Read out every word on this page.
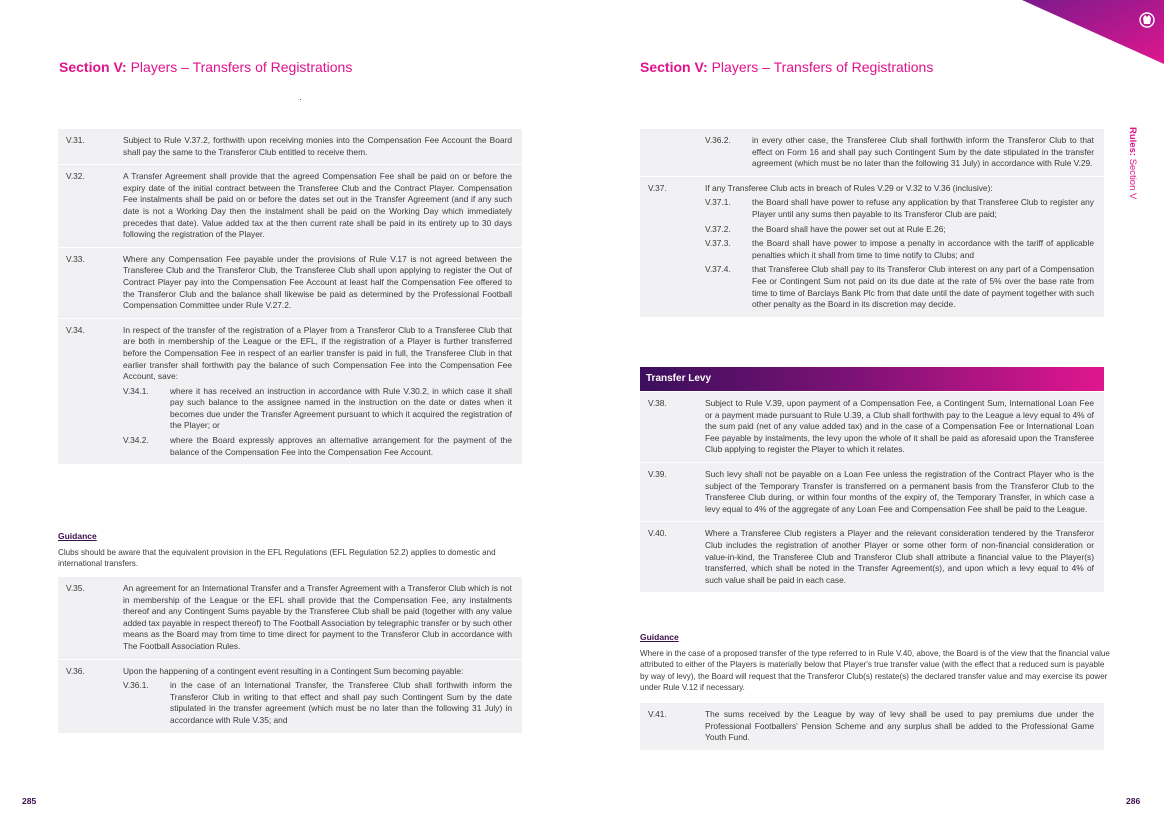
Section V: Players – Transfers of Registrations
V.31.	Subject to Rule V.37.2, forthwith upon receiving monies into the Compensation Fee Account the Board shall pay the same to the Transferor Club entitled to receive them.
V.32.	A Transfer Agreement shall provide that the agreed Compensation Fee shall be paid on or before the expiry date of the initial contract between the Transferee Club and the Contract Player. Compensation Fee instalments shall be paid on or before the dates set out in the Transfer Agreement (and if any such date is not a Working Day then the instalment shall be paid on the Working Day which immediately precedes that date). Value added tax at the then current rate shall be paid in its entirety up to 30 days following the registration of the Player.
V.33.	Where any Compensation Fee payable under the provisions of Rule V.17 is not agreed between the Transferee Club and the Transferor Club, the Transferee Club shall upon applying to register the Out of Contract Player pay into the Compensation Fee Account at least half the Compensation Fee offered to the Transferor Club and the balance shall likewise be paid as determined by the Professional Football Compensation Committee under Rule V.27.2.
V.34.	In respect of the transfer of the registration of a Player from a Transferor Club to a Transferee Club that are both in membership of the League or the EFL, if the registration of a Player is further transferred before the Compensation Fee in respect of an earlier transfer is paid in full, the Transferee Club in that earlier transfer shall forthwith pay the balance of such Compensation Fee into the Compensation Fee Account, save:
V.34.1.	where it has received an instruction in accordance with Rule V.30.2, in which case it shall pay such balance to the assignee named in the instruction on the date or dates when it becomes due under the Transfer Agreement pursuant to which it acquired the registration of the Player; or
V.34.2.	where the Board expressly approves an alternative arrangement for the payment of the balance of the Compensation Fee into the Compensation Fee Account.
Guidance
Clubs should be aware that the equivalent provision in the EFL Regulations (EFL Regulation 52.2) applies to domestic and international transfers.
V.35.	An agreement for an International Transfer and a Transfer Agreement with a Transferor Club which is not in membership of the League or the EFL shall provide that the Compensation Fee, any instalments thereof and any Contingent Sums payable by the Transferee Club shall be paid (together with any value added tax payable in respect thereof) to The Football Association by telegraphic transfer or by such other means as the Board may from time to time direct for payment to the Transferor Club in accordance with The Football Association Rules.
V.36.	Upon the happening of a contingent event resulting in a Contingent Sum becoming payable:
V.36.1.	in the case of an International Transfer, the Transferee Club shall forthwith inform the Transferor Club in writing to that effect and shall pay such Contingent Sum by the date stipulated in the transfer agreement (which must be no later than the following 31 July) in accordance with Rule V.35; and
285
Section V: Players – Transfers of Registrations
Rules: Section V
V.36.2.	in every other case, the Transferee Club shall forthwith inform the Transferor Club to that effect on Form 16 and shall pay such Contingent Sum by the date stipulated in the transfer agreement (which must be no later than the following 31 July) in accordance with Rule V.29.
V.37.	If any Transferee Club acts in breach of Rules V.29 or V.32 to V.36 (inclusive):
V.37.1.	the Board shall have power to refuse any application by that Transferee Club to register any Player until any sums then payable to its Transferor Club are paid;
V.37.2.	the Board shall have the power set out at Rule E.26;
V.37.3.	the Board shall have power to impose a penalty in accordance with the tariff of applicable penalties which it shall from time to time notify to Clubs; and
V.37.4.	that Transferee Club shall pay to its Transferor Club interest on any part of a Compensation Fee or Contingent Sum not paid on its due date at the rate of 5% over the base rate from time to time of Barclays Bank Plc from that date until the date of payment together with such other penalty as the Board in its discretion may decide.
Transfer Levy
V.38.	Subject to Rule V.39, upon payment of a Compensation Fee, a Contingent Sum, International Loan Fee or a payment made pursuant to Rule U.39, a Club shall forthwith pay to the League a levy equal to 4% of the sum paid (net of any value added tax) and in the case of a Compensation Fee or International Loan Fee payable by instalments, the levy upon the whole of it shall be paid as aforesaid upon the Transferee Club applying to register the Player to which it relates.
V.39.	Such levy shall not be payable on a Loan Fee unless the registration of the Contract Player who is the subject of the Temporary Transfer is transferred on a permanent basis from the Transferor Club to the Transferee Club during, or within four months of the expiry of, the Temporary Transfer, in which case a levy equal to 4% of the aggregate of any Loan Fee and Compensation Fee shall be paid to the League.
V.40.	Where a Transferee Club registers a Player and the relevant consideration tendered by the Transferor Club includes the registration of another Player or some other form of non-financial consideration or value-in-kind, the Transferee Club and Transferor Club shall attribute a financial value to the Player(s) transferred, which shall be noted in the Transfer Agreement(s), and upon which a levy equal to 4% of such value shall be paid in each case.
Guidance
Where in the case of a proposed transfer of the type referred to in Rule V.40, above, the Board is of the view that the financial value attributed to either of the Players is materially below that Player's true transfer value (with the effect that a reduced sum is payable by way of levy), the Board will request that the Transferor Club(s) restate(s) the declared transfer value and may exercise its power under Rule V.12 if necessary.
V.41.	The sums received by the League by way of levy shall be used to pay premiums due under the Professional Footballers' Pension Scheme and any surplus shall be added to the Professional Game Youth Fund.
286
